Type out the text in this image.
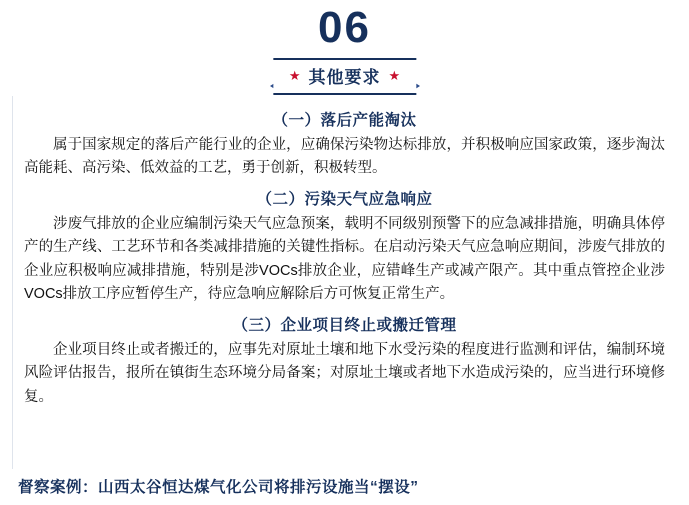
06
★ 其他要求 ★
（一）落后产能淘汰

属于国家规定的落后产能行业的企业，应确保污染物达标排放，并积极响应国家政策，逐步淘汰高能耗、高污染、低效益的工艺，勇于创新，积极转型。

（二）污染天气应急响应

涉废气排放的企业应编制污染天气应急预案，载明不同级别预警下的应急减排措施，明确具体停产的生产线、工艺环节和各类减排措施的关键性指标。在启动污染天气应急响应期间，涉废气排放的企业应积极响应减排措施，特别是涉VOCs排放企业，应错峰生产或减产限产。其中重点管控企业涉VOCs排放工序应暂停生产，待应急响应解除后方可恢复正常生产。

（三）企业项目终止或搬迁管理

企业项目终止或者搬迁的，应事先对原址土壤和地下水受污染的程度进行监测和评估，编制环境风险评估报告，报所在镇街生态环境分局备案；对原址土壤或者地下水造成污染的，应当进行环境修复。

督察案例：山西太谷恒达煤气化公司将排污设施当“摆设”
